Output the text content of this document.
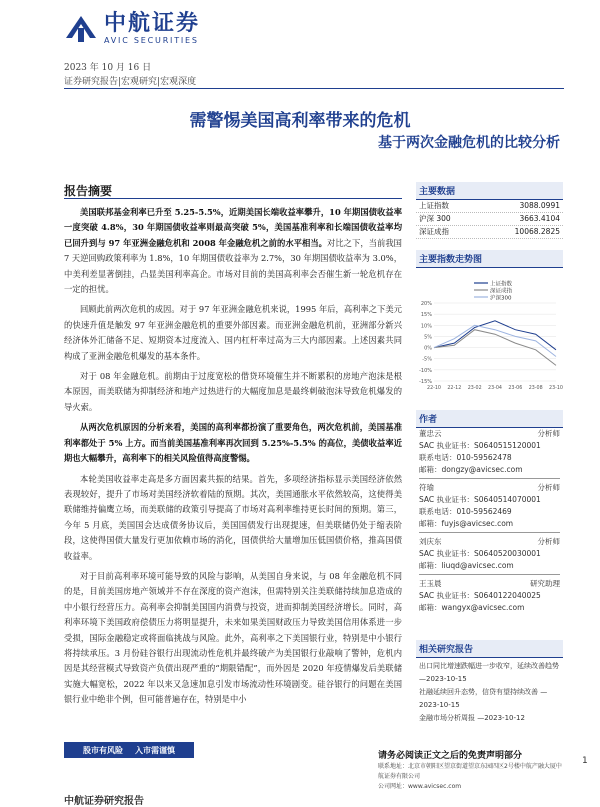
中航证券
AVIC SECURITIES
2023 年 10 月 16 日
证券研究报告|宏观研究|宏观深度
需警惕美国高利率带来的危机
基于两次金融危机的比较分析
报告摘要

美国联邦基金利率已升至 5.25-5.5%，近期美国长端收益率攀升，10 年期国债收益率一度突破 4.8%，30 年期国债收益率则最高突破 5%，美国基准利率和长端国债收益率均已回升到与 97 年亚洲金融危机和 2008 年金融危机之前的水平相当。对比之下，当前我国 7 天逆回购政策利率为 1.8%，10 年期国债收益率为 2.7%，30 年期国债收益率为 3.0%，中美利差显著倒挂，凸显美国利率高企。市场对目前的美国高利率会否催生新一轮危机存在一定的担忧。

回顾此前两次危机的成因。对于 97 年亚洲金融危机来说，1995 年后，高利率之下美元的快速升值是触发 97 年亚洲金融危机的重要外部因素。而亚洲金融危机前，亚洲部分新兴经济体外汇储备不足、短期资本过度流入、国内杠杆率过高为三大内部因素。上述因素共同构成了亚洲金融危机爆发的基本条件。

对于 08 年金融危机。前期由于过度宽松的借贷环境催生并不断累积的房地产泡沫是根本原因，而美联储为抑制经济和地产过热进行的大幅度加息是最终刺破泡沫导致危机爆发的导火索。

从两次危机原因的分析来看，美国的高利率都扮演了重要角色，两次危机前，美国基准利率都处于 5% 上方。而当前美国基准利率再次回到 5.25%-5.5% 的高位，美债收益率近期也大幅攀升，高利率下的相关风险值得高度警惕。

本轮美国收益率走高是多方面因素共振的结果。首先，多项经济指标显示美国经济依然表现较好，提升了市场对美国经济软着陆的预期。其次，美国通胀水平依然较高，这使得美联储维持偏鹰立场，而美联储的政策引导提高了市场对高利率维持更长时间的预期。第三，今年 5 月底，美国国会达成债务协议后，美国国债发行出现提速，但美联储仍处于缩表阶段，这使得国债大量发行更加依赖市场的消化，国债供给大量增加压低国债价格，推高国债收益率。

对于目前高利率环境可能导致的风险与影响，从美国自身来说，与 08 年金融危机不同的是，目前美国房地产领域并不存在深度的资产泡沫，但需特别关注美联储持续加息造成的中小银行经营压力。高利率会抑制美国国内消费与投资，进而抑制美国经济增长。同时，高利率环境下美国政府偿债压力将明显提升，未来如果美国财政压力导致美国信用体系进一步受损，国际金融稳定或将面临挑战与风险。此外，高利率之下美国银行业，特别是中小银行将持续承压。3 月份硅谷银行出现流动性危机并最终破产为美国银行业敲响了警钟，危机内因是其经营模式导致资产负债出现严重的“期限错配”，而外因是 2020 年疫情爆发后美联储实施大幅宽松，2022 年以来又急速加息引发市场流动性环境剧变。硅谷银行的问题在美国银行业中绝非个例，但可能普遍存在，特别是中小

主要数据
上证指数	3088.0991
沪深 300	3663.4104
深证成指	10068.2825
主要指数走势图
上证指数
深证成指
沪深300
20%
15%
10%
5%
0%
-5%
-10%
-15%
22-10 22-12 23-02 23-04 23-06 23-08 23-10
作者
董忠云	分析师
SAC 执业证书：S0640515120001
联系电话：010-59562478
邮箱：dongzy@avicsec.com
符瑜	分析师
SAC 执业证书：S0640514070001
联系电话：010-59562469
邮箱：fuyjs@avicsec.com
刘庆东	分析师
SAC 执业证书：S0640520030001
邮箱：liuqd@avicsec.com
王玉晨	研究助理
SAC 执业证书：S0640122040025
邮箱：wangyx@avicsec.com
相关研究报告
出口同比增速跌幅进一步收窄，延续改善趋势 —2023-10-15
社融延续回升态势，信贷有望持续改善 —2023-10-15
金融市场分析周报 —2023-10-12
股市有风险 入市需谨慎
请务必阅读正文之后的免责声明部分
联系地址：北京市朝阳区望京街道望京东园四区2号楼中航产融大厦中航证券有限公司
公司网址：www.avicsec.com
1
中航证券研究报告
